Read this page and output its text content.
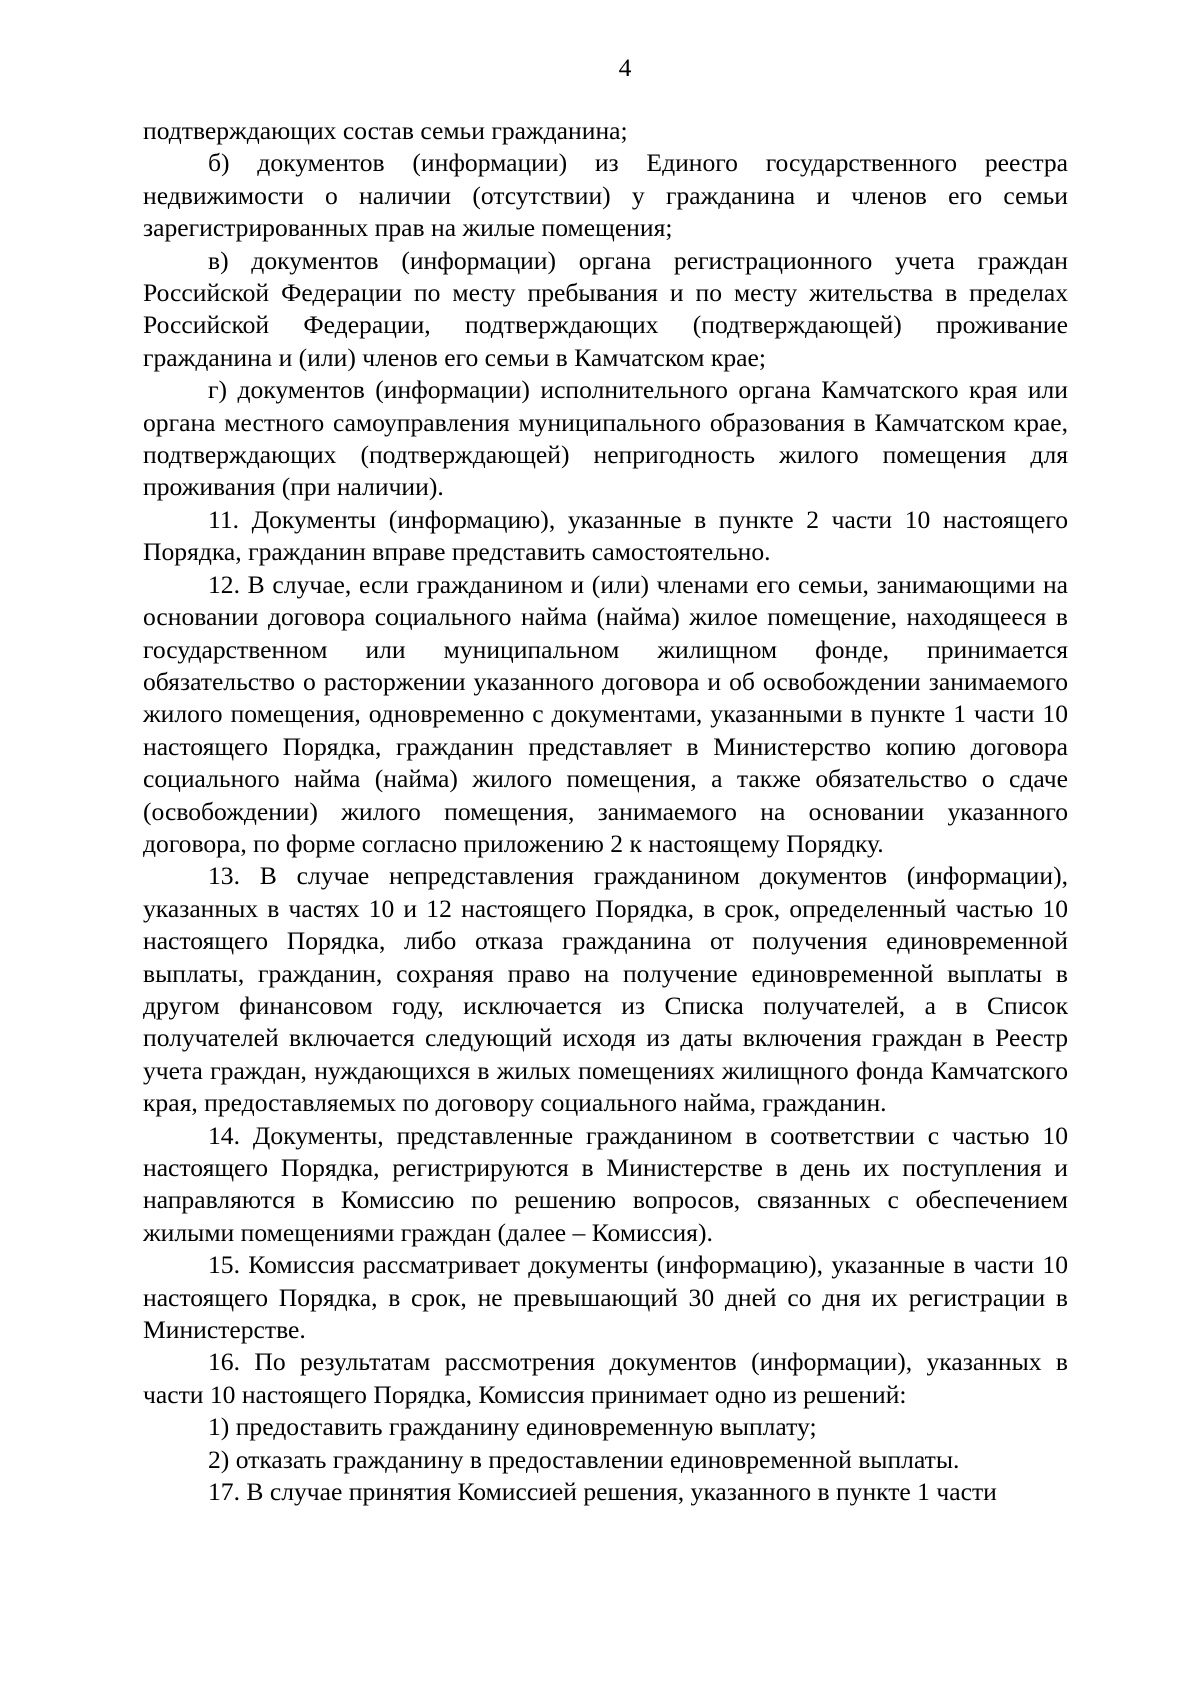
4

подтверждающих состав семьи гражданина;

б) документов (информации) из Единого государственного реестра недвижимости о наличии (отсутствии) у гражданина и членов его семьи зарегистрированных прав на жилые помещения;

в) документов (информации) органа регистрационного учета граждан Российской Федерации по месту пребывания и по месту жительства в пределах Российской Федерации, подтверждающих (подтверждающей) проживание гражданина и (или) членов его семьи в Камчатском крае;

г) документов (информации) исполнительного органа Камчатского края или органа местного самоуправления муниципального образования в Камчатском крае, подтверждающих (подтверждающей) непригодность жилого помещения для проживания (при наличии).

11. Документы (информацию), указанные в пункте 2 части 10 настоящего Порядка, гражданин вправе представить самостоятельно.

12. В случае, если гражданином и (или) членами его семьи, занимающими на основании договора социального найма (найма) жилое помещение, находящееся в государственном или муниципальном жилищном фонде, принимается обязательство о расторжении указанного договора и об освобождении занимаемого жилого помещения, одновременно с документами, указанными в пункте 1 части 10 настоящего Порядка, гражданин представляет в Министерство копию договора социального найма (найма) жилого помещения, а также обязательство о сдаче (освобождении) жилого помещения, занимаемого на основании указанного договора, по форме согласно приложению 2 к настоящему Порядку.

13. В случае непредставления гражданином документов (информации), указанных в частях 10 и 12 настоящего Порядка, в срок, определенный частью 10 настоящего Порядка, либо отказа гражданина от получения единовременной выплаты, гражданин, сохраняя право на получение единовременной выплаты в другом финансовом году, исключается из Списка получателей, а в Список получателей включается следующий исходя из даты включения граждан в Реестр учета граждан, нуждающихся в жилых помещениях жилищного фонда Камчатского края, предоставляемых по договору социального найма, гражданин.

14. Документы, представленные гражданином в соответствии с частью 10 настоящего Порядка, регистрируются в Министерстве в день их поступления и направляются в Комиссию по решению вопросов, связанных с обеспечением жилыми помещениями граждан (далее – Комиссия).

15. Комиссия рассматривает документы (информацию), указанные в части 10 настоящего Порядка, в срок, не превышающий 30 дней со дня их регистрации в Министерстве.

16. По результатам рассмотрения документов (информации), указанных в части 10 настоящего Порядка, Комиссия принимает одно из решений:

1) предоставить гражданину единовременную выплату;

2) отказать гражданину в предоставлении единовременной выплаты.

17. В случае принятия Комиссией решения, указанного в пункте 1 части
